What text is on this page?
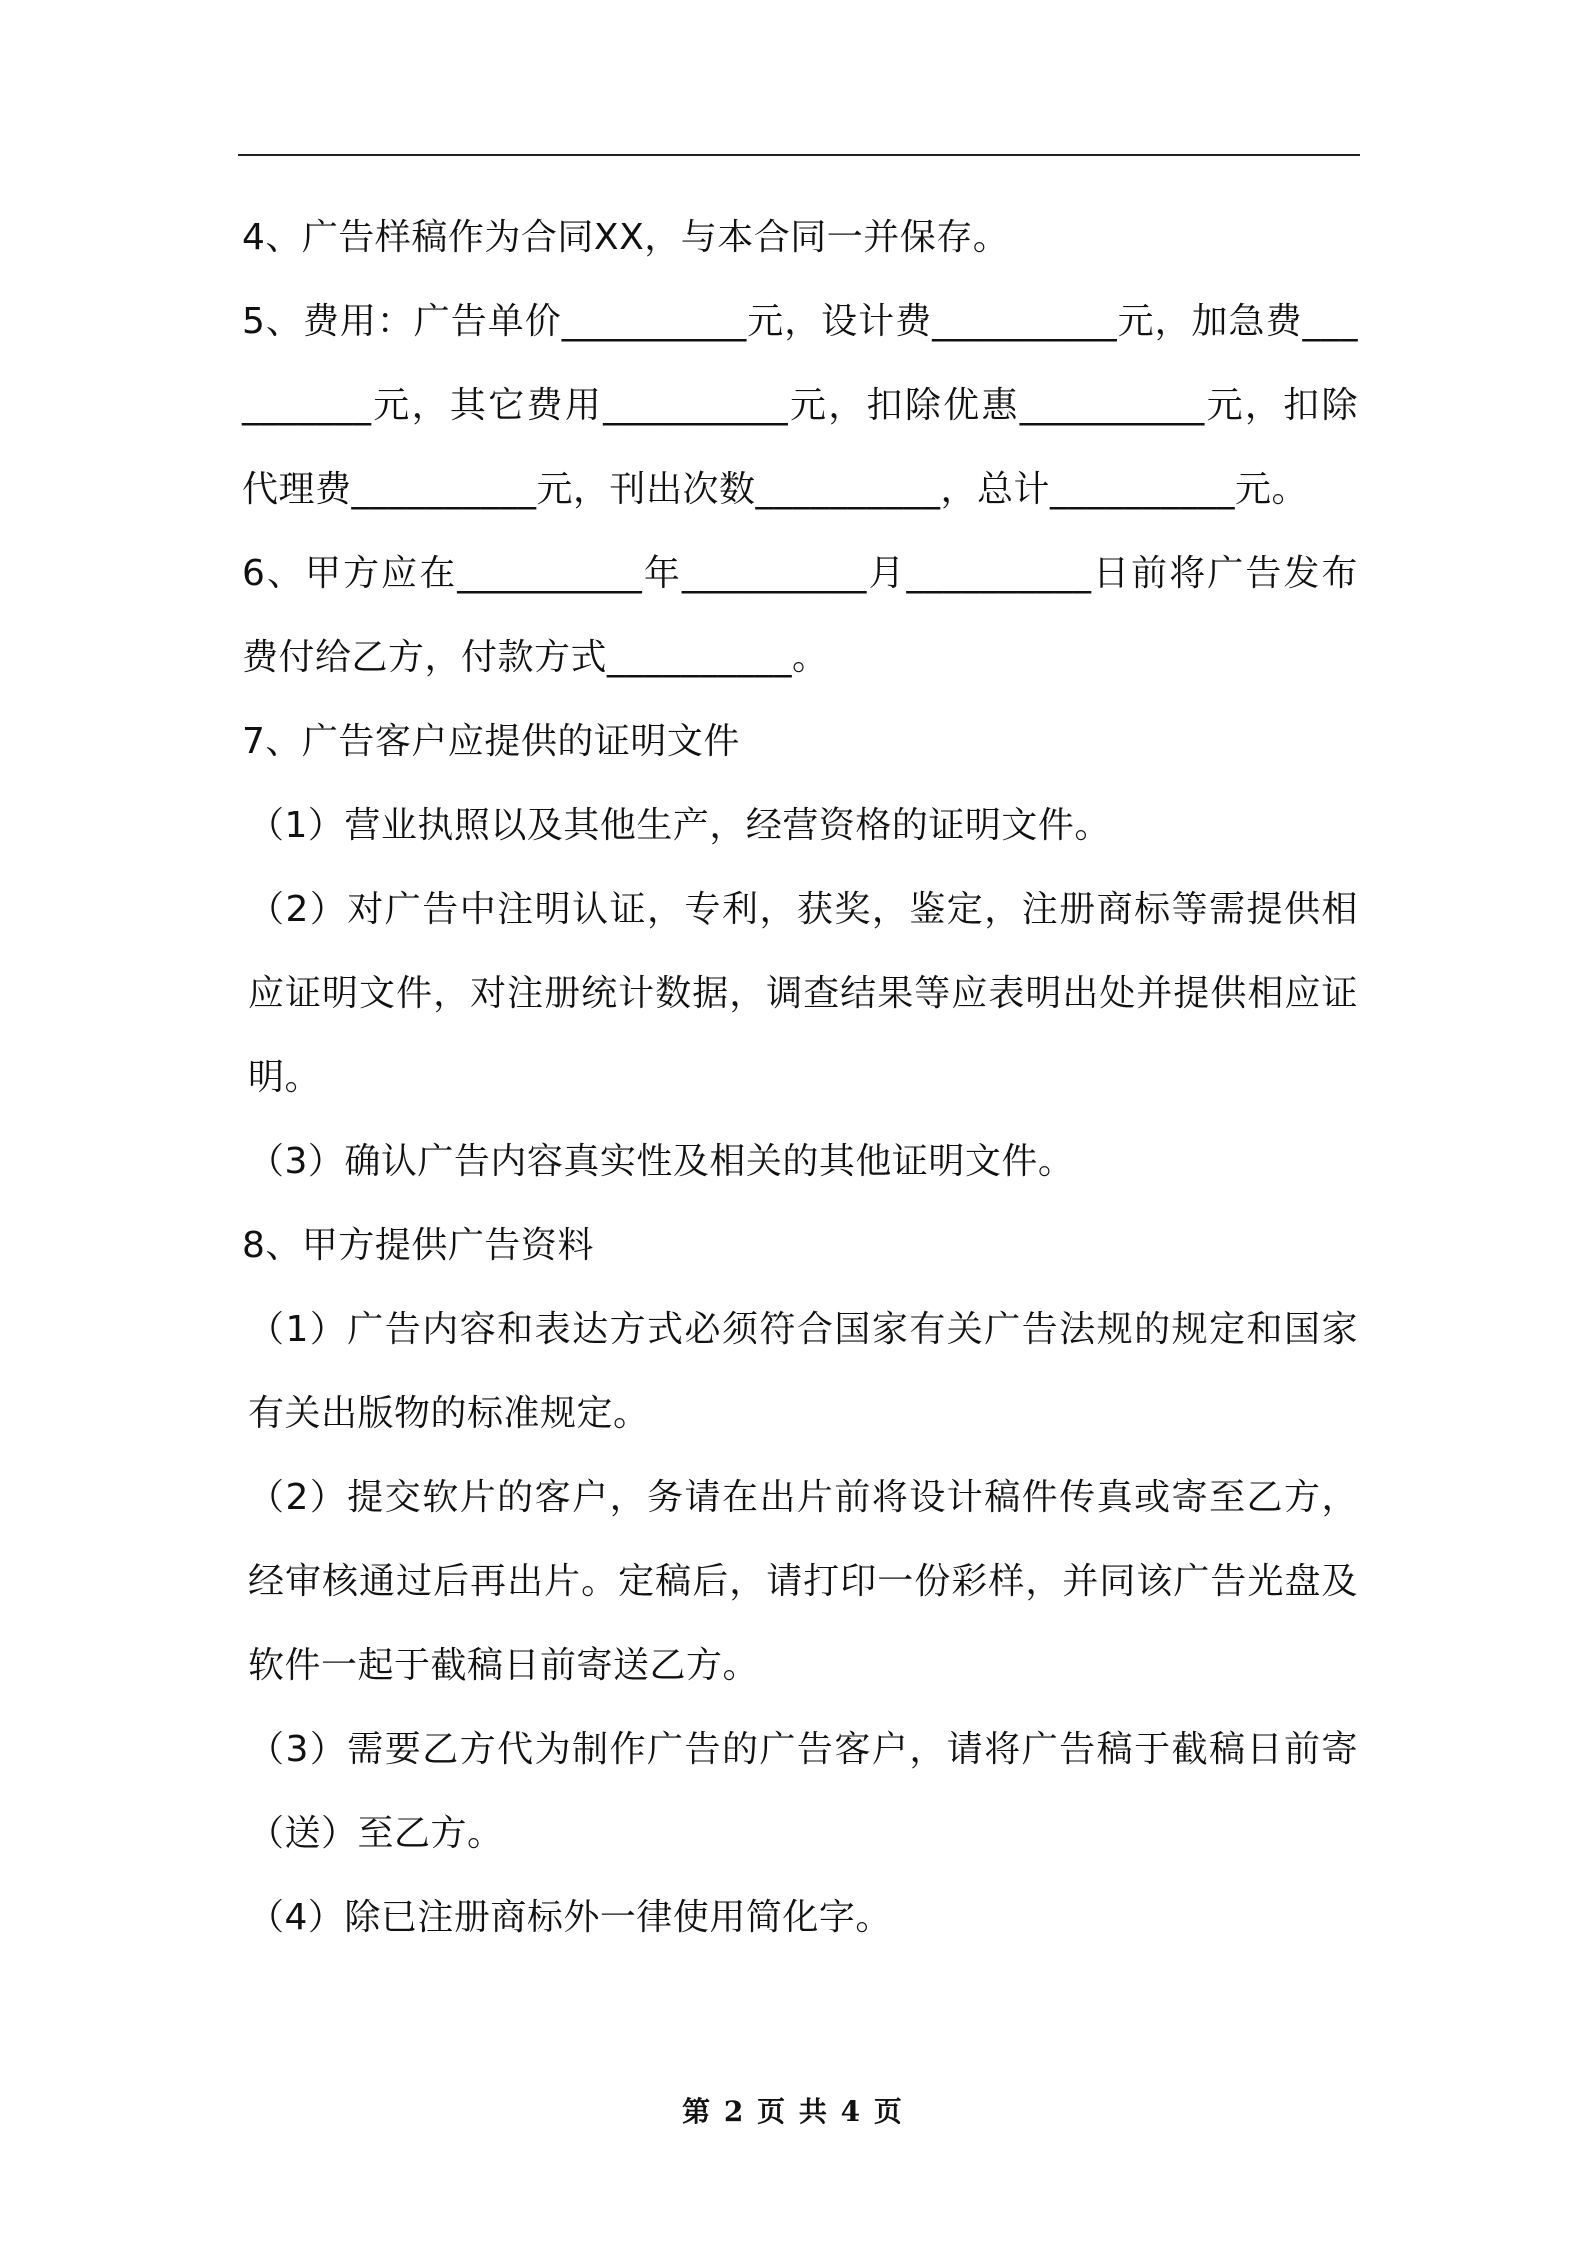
4、广告样稿作为合同XX，与本合同一并保存。

5、费用：广告单价__________元，设计费__________元，加急费__________元，其它费用__________元，扣除优惠__________元，扣除代理费__________元，刊出次数__________，总计__________元。

6、甲方应在__________年__________月__________日前将广告发布费付给乙方，付款方式__________。

7、广告客户应提供的证明文件

（1）营业执照以及其他生产，经营资格的证明文件。

（2）对广告中注明认证，专利，获奖，鉴定，注册商标等需提供相应证明文件，对注册统计数据，调查结果等应表明出处并提供相应证明。

（3）确认广告内容真实性及相关的其他证明文件。

8、甲方提供广告资料

（1）广告内容和表达方式必须符合国家有关广告法规的规定和国家有关出版物的标准规定。

（2）提交软片的客户，务请在出片前将设计稿件传真或寄至乙方，经审核通过后再出片。定稿后，请打印一份彩样，并同该广告光盘及软件一起于截稿日前寄送乙方。

（3）需要乙方代为制作广告的广告客户，请将广告稿于截稿日前寄（送）至乙方。

（4）除已注册商标外一律使用简化字。

第 2 页 共 4 页
